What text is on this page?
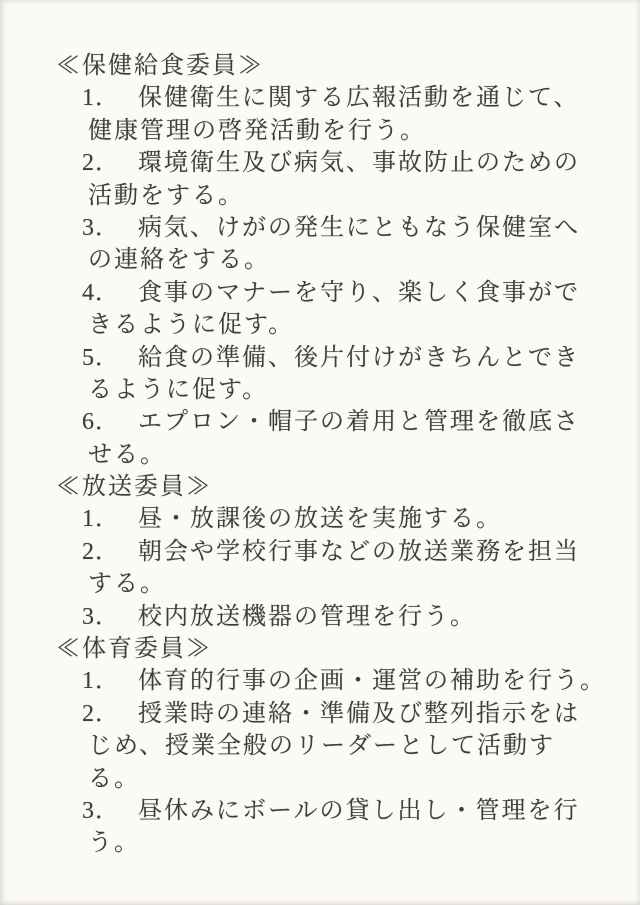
≪保健給食委員≫
1． 保健衛生に関する広報活動を通じて、
健康管理の啓発活動を行う。
2． 環境衛生及び病気、事故防止のための
活動をする。
3． 病気、けがの発生にともなう保健室へ
の連絡をする。
4． 食事のマナーを守り、楽しく食事がで
きるように促す。
5． 給食の準備、後片付けがきちんとでき
るように促す。
6． エプロン・帽子の着用と管理を徹底さ
せる。
≪放送委員≫
1． 昼・放課後の放送を実施する。
2． 朝会や学校行事などの放送業務を担当
する。
3． 校内放送機器の管理を行う。
≪体育委員≫
1． 体育的行事の企画・運営の補助を行う。
2． 授業時の連絡・準備及び整列指示をは
じめ、授業全般のリーダーとして活動す
る。
3． 昼休みにボールの貸し出し・管理を行
う。
